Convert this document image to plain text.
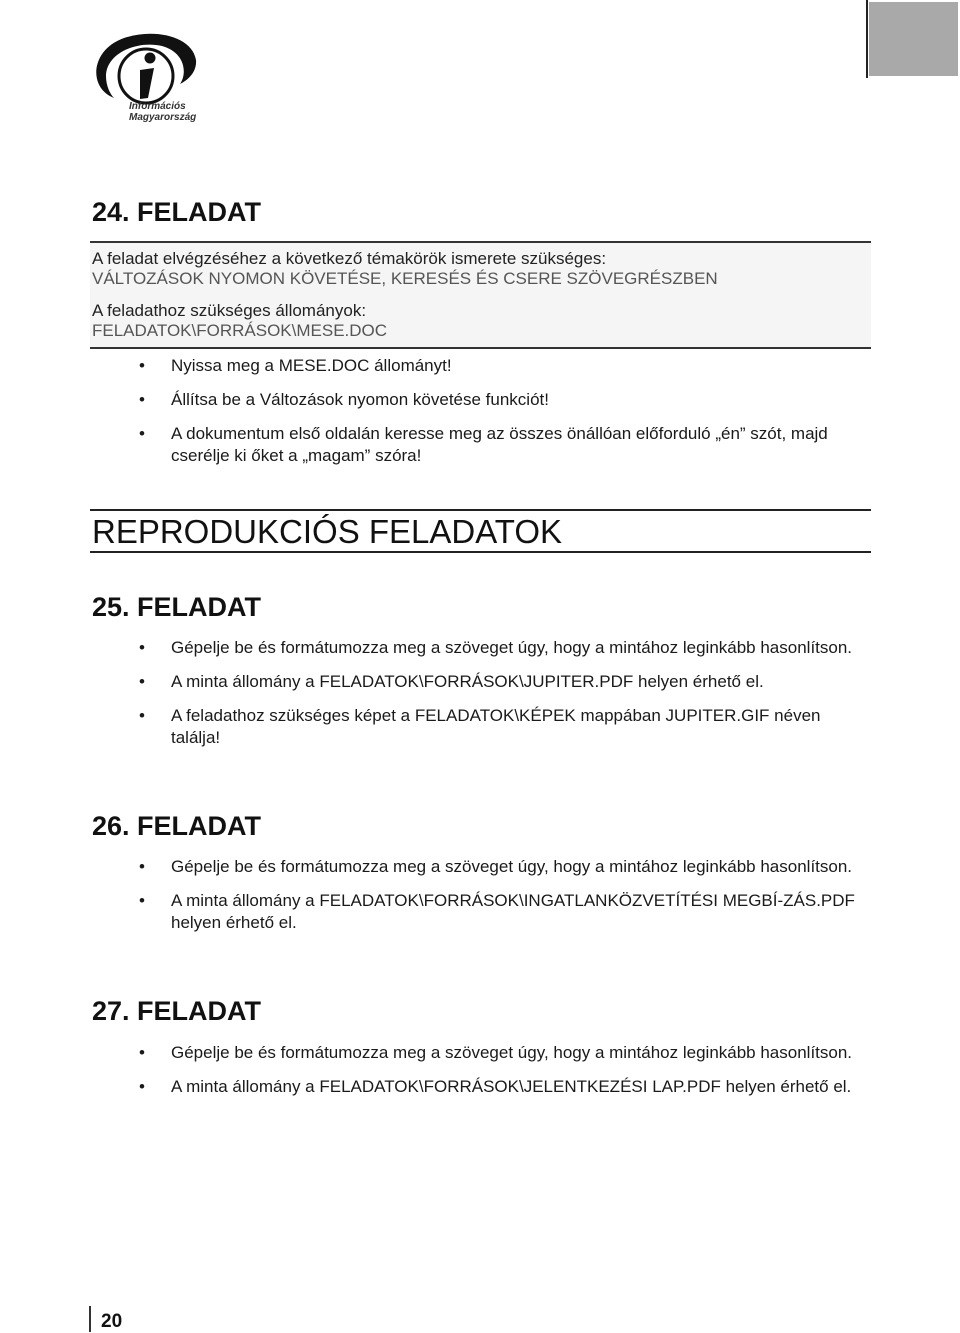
Információs
Magyarország
24. FELADAT
A feladat elvégzéséhez a következő témakörök ismerete szükséges:
VÁLTOZÁSOK NYOMON KÖVETÉSE, KERESÉS ÉS CSERE SZÖVEGRÉSZBEN
A feladathoz szükséges állományok:
FELADATOK\FORRÁSOK\MESE.DOC
• Nyissa meg a MESE.DOC állományt!
• Állítsa be a Változások nyomon követése funkciót!
• A dokumentum első oldalán keresse meg az összes önállóan előforduló „én” szót, majd cserélje ki őket a „magam” szóra!
REPRODUKCIÓS FELADATOK
25. FELADAT
• Gépelje be és formátumozza meg a szöveget úgy, hogy a mintához leginkább hasonlítson.
• A minta állomány a FELADATOK\FORRÁSOK\JUPITER.PDF helyen érhető el.
• A feladathoz szükséges képet a FELADATOK\KÉPEK mappában JUPITER.GIF néven találja!
26. FELADAT
• Gépelje be és formátumozza meg a szöveget úgy, hogy a mintához leginkább hasonlítson.
• A minta állomány a FELADATOK\FORRÁSOK\INGATLANKÖZVETÍTÉSI MEGBÍ-ZÁS.PDF helyen érhető el.
27. FELADAT
• Gépelje be és formátumozza meg a szöveget úgy, hogy a mintához leginkább hasonlítson.
• A minta állomány a FELADATOK\FORRÁSOK\JELENTKEZÉSI LAP.PDF helyen érhető el.
20
